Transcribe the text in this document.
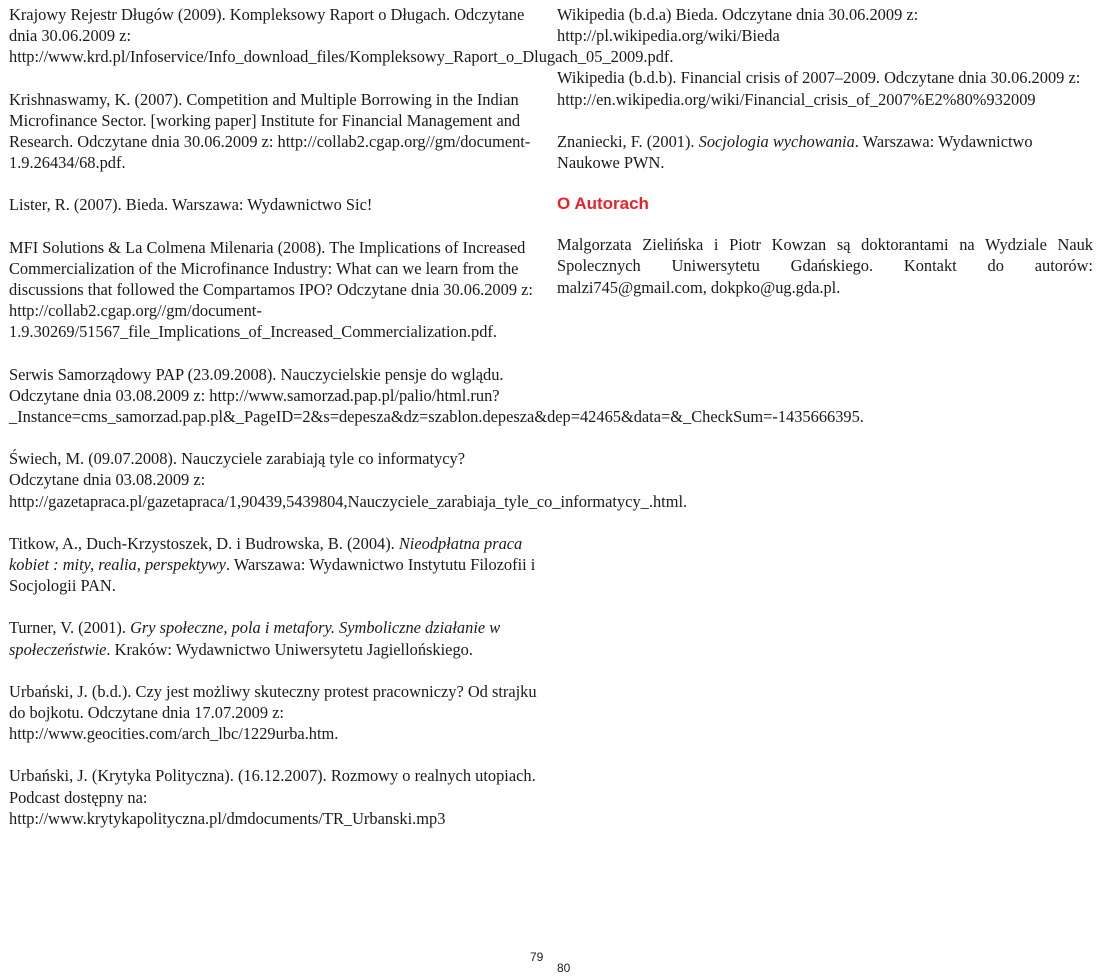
Krajowy Rejestr Długów (2009). Kompleksowy Raport o Długach. Odczytane dnia 30.06.2009 z: http://www.krd.pl/Infoservice/Info_download_files/Kompleksowy_Raport_o_Dlugach_05_2009.pdf.

Krishnaswamy, K. (2007). Competition and Multiple Borrowing in the Indian Microfinance Sector. [working paper] Institute for Financial Management and Research. Odczytane dnia 30.06.2009 z: http://collab2.cgap.org//gm/document-1.9.26434/68.pdf.

Lister, R. (2007). Bieda. Warszawa: Wydawnictwo Sic!

MFI Solutions & La Colmena Milenaria (2008). The Implications of Increased Commercialization of the Microfinance Industry: What can we learn from the discussions that followed the Compartamos IPO? Odczytane dnia 30.06.2009 z: http://collab2.cgap.org//gm/document-1.9.30269/51567_file_Implications_of_Increased_Commercialization.pdf.

Serwis Samorządowy PAP (23.09.2008). Nauczycielskie pensje do wglądu. Odczytane dnia 03.08.2009 z: http://www.samorzad.pap.pl/palio/html.run?_Instance=cms_samorzad.pap.pl&_PageID=2&s=depesza&dz=szablon.depesza&dep=42465&data=&_CheckSum=-1435666395.

Świech, M. (09.07.2008). Nauczyciele zarabiają tyle co informatycy? Odczytane dnia 03.08.2009 z: http://gazetapraca.pl/gazetapraca/1,90439,5439804,Nauczyciele_zarabiaja_tyle_co_informatycy_.html.

Titkow, A., Duch-Krzystoszek, D. i Budrowska, B. (2004). Nieodpłatna praca kobiet : mity, realia, perspektywy. Warszawa: Wydawnictwo Instytutu Filozofii i Socjologii PAN.

Turner, V. (2001). Gry społeczne, pola i metafory. Symboliczne działanie w społeczeństwie. Kraków: Wydawnictwo Uniwersytetu Jagiellońskiego.

Urbański, J. (b.d.). Czy jest możliwy skuteczny protest pracowniczy? Od strajku do bojkotu. Odczytane dnia 17.07.2009 z: http://www.geocities.com/arch_lbc/1229urba.htm.

Urbański, J. (Krytyka Polityczna). (16.12.2007). Rozmowy o realnych utopiach. Podcast dostępny na: http://www.krytykapolityczna.pl/dmdocuments/TR_Urbanski.mp3

Wikipedia (b.d.a) Bieda. Odczytane dnia 30.06.2009 z: http://pl.wikipedia.org/wiki/Bieda

Wikipedia (b.d.b). Financial crisis of 2007–2009. Odczytane dnia 30.06.2009 z: http://en.wikipedia.org/wiki/Financial_crisis_of_2007%E2%80%932009

Znaniecki, F. (2001). Socjologia wychowania. Warszawa: Wydawnictwo Naukowe PWN.

O Autorach

Malgorzata Zielińska i Piotr Kowzan są doktorantami na Wydziale Nauk Spolecznych Uniwersytetu Gdańskiego. Kontakt do autorów: malzi745@gmail.com, dokpko@ug.gda.pl.

79
80
